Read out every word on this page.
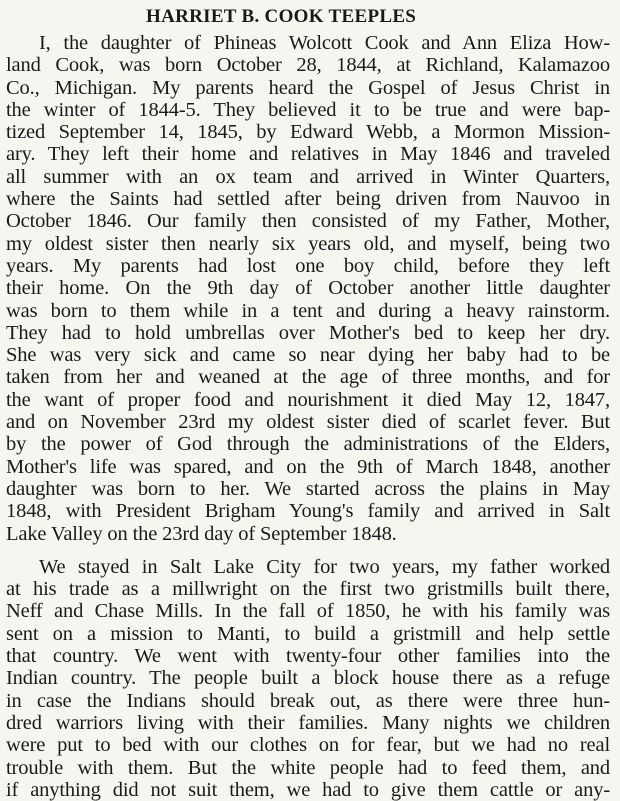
HARRIET B. COOK TEEPLES
I, the daughter of Phineas Wolcott Cook and Ann Eliza How-
land Cook, was born October 28, 1844, at Richland, Kalamazoo
Co., Michigan. My parents heard the Gospel of Jesus Christ in
the winter of 1844-5. They believed it to be true and were bap-
tized September 14, 1845, by Edward Webb, a Mormon Mission-
ary. They left their home and relatives in May 1846 and traveled
all summer with an ox team and arrived in Winter Quarters,
where the Saints had settled after being driven from Nauvoo in
October 1846. Our family then consisted of my Father, Mother,
my oldest sister then nearly six years old, and myself, being two
years. My parents had lost one boy child, before they left
their home. On the 9th day of October another little daughter
was born to them while in a tent and during a heavy rainstorm.
They had to hold umbrellas over Mother's bed to keep her dry.
She was very sick and came so near dying her baby had to be
taken from her and weaned at the age of three months, and for
the want of proper food and nourishment it died May 12, 1847,
and on November 23rd my oldest sister died of scarlet fever. But
by the power of God through the administrations of the Elders,
Mother's life was spared, and on the 9th of March 1848, another
daughter was born to her. We started across the plains in May
1848, with President Brigham Young's family and arrived in Salt
Lake Valley on the 23rd day of September 1848.
We stayed in Salt Lake City for two years, my father worked
at his trade as a millwright on the first two gristmills built there,
Neff and Chase Mills. In the fall of 1850, he with his family was
sent on a mission to Manti, to build a gristmill and help settle
that country. We went with twenty-four other families into the
Indian country. The people built a block house there as a refuge
in case the Indians should break out, as there were three hun-
dred warriors living with their families. Many nights we children
were put to bed with our clothes on for fear, but we had no real
trouble with them. But the white people had to feed them, and
if anything did not suit them, we had to give them cattle or any-
